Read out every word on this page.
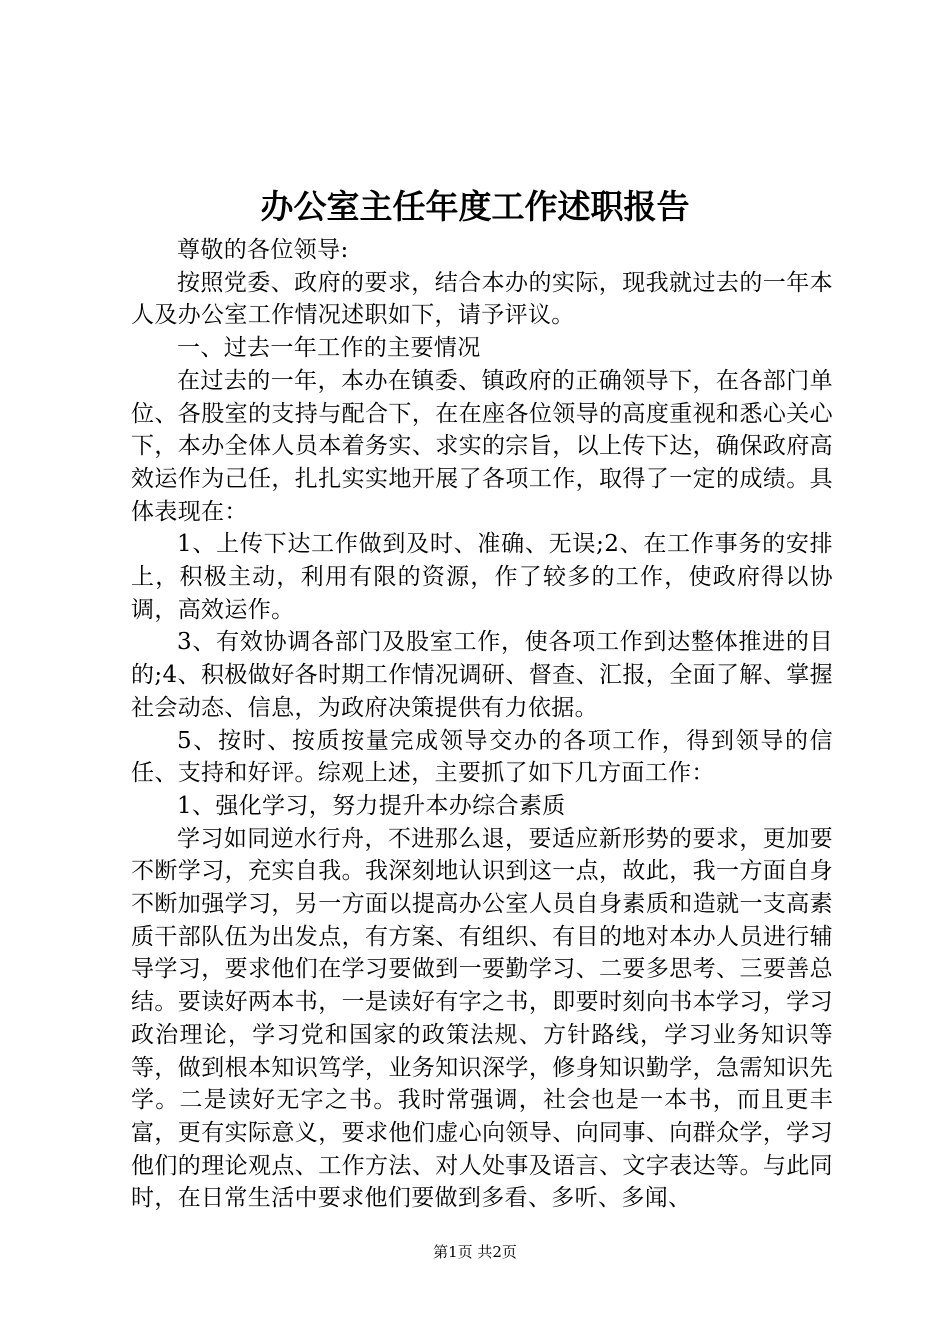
办公室主任年度工作述职报告

尊敬的各位领导:

按照党委、政府的要求，结合本办的实际，现我就过去的一年本人及办公室工作情况述职如下，请予评议。

一、过去一年工作的主要情况

在过去的一年，本办在镇委、镇政府的正确领导下，在各部门单位、各股室的支持与配合下，在在座各位领导的高度重视和悉心关心下，本办全体人员本着务实、求实的宗旨，以上传下达，确保政府高效运作为己任，扎扎实实地开展了各项工作，取得了一定的成绩。具体表现在：

1、上传下达工作做到及时、准确、无误;2、在工作事务的安排上，积极主动，利用有限的资源，作了较多的工作，使政府得以协调，高效运作。

3、有效协调各部门及股室工作，使各项工作到达整体推进的目的;4、积极做好各时期工作情况调研、督查、汇报，全面了解、掌握社会动态、信息，为政府决策提供有力依据。

5、按时、按质按量完成领导交办的各项工作，得到领导的信任、支持和好评。综观上述，主要抓了如下几方面工作：

1、强化学习，努力提升本办综合素质

学习如同逆水行舟，不进那么退，要适应新形势的要求，更加要不断学习，充实自我。我深刻地认识到这一点，故此，我一方面自身不断加强学习，另一方面以提高办公室人员自身素质和造就一支高素质干部队伍为出发点，有方案、有组织、有目的地对本办人员进行辅导学习，要求他们在学习要做到一要勤学习、二要多思考、三要善总结。要读好两本书，一是读好有字之书，即要时刻向书本学习，学习政治理论，学习党和国家的政策法规、方针路线，学习业务知识等等，做到根本知识笃学，业务知识深学，修身知识勤学，急需知识先学。二是读好无字之书。我时常强调，社会也是一本书，而且更丰富，更有实际意义，要求他们虚心向领导、向同事、向群众学，学习他们的理论观点、工作方法、对人处事及语言、文字表达等。与此同时，在日常生活中要求他们要做到多看、多听、多闻、

第1页 共2页
